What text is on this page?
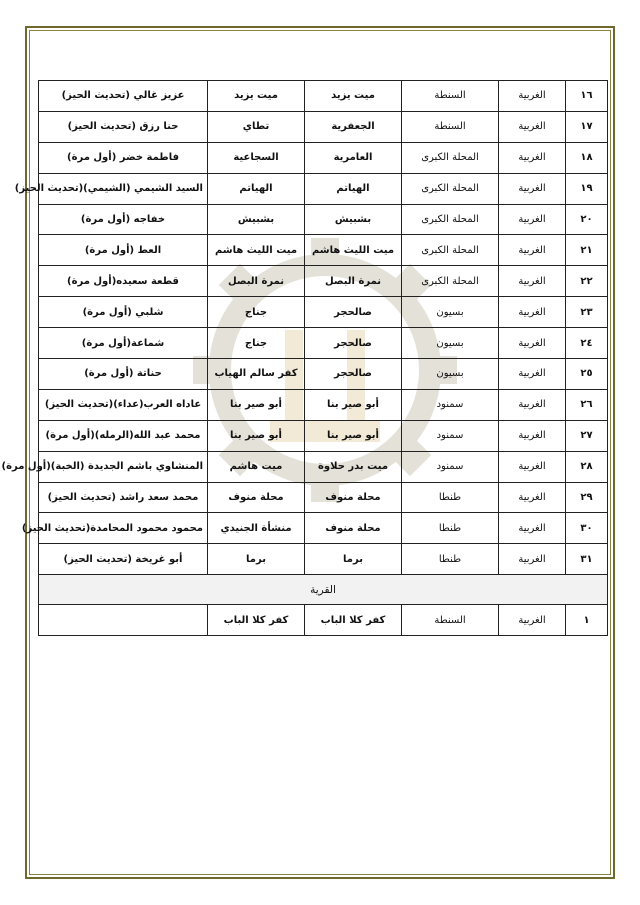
١٦	الغربية	السنطة	ميت يزيد	ميت يزيد	عزيز غالي (تحديث الحيز)
١٧	الغربية	السنطة	الجعفرية	تطاي	حنا رزق (تحديث الحيز)
١٨	الغربية	المحلة الكبرى	العامرية	السجاعية	فاطمة خضر (أول مرة)
١٩	الغربية	المحلة الكبرى	الهياتم	الهياتم	السيد الشيمي (الشيمي)(تحديث الحيز)
٢٠	الغربية	المحلة الكبرى	بشبيش	بشبيش	خفاجه (أول مرة)
٢١	الغربية	المحلة الكبرى	ميت الليث هاشم	ميت الليث هاشم	العط (أول مرة)
٢٢	الغربية	المحلة الكبرى	نمرة البصل	نمرة البصل	قطعة سعيده(أول مرة)
٢٣	الغربية	بسيون	صالحجر	جناج	شلبي (أول مرة)
٢٤	الغربية	بسيون	صالحجر	جناج	شماعة(أول مرة)
٢٥	الغربية	بسيون	صالحجر	كفر سالم الهياب	حناتة (أول مرة)
٢٦	الغربية	سمنود	أبو صير بنا	أبو صير بنا	عاداه العرب(عداء)(تحديث الحيز)
٢٧	الغربية	سمنود	أبو صير بنا	أبو صير بنا	محمد عبد الله(الرمله)(أول مرة)
٢٨	الغربية	سمنود	ميت بدر حلاوة	ميت هاشم	المنشاوي باشم الجديدة (الخبة)(أول مرة)
٢٩	الغربية	طنطا	محلة منوف	محلة منوف	محمد سعد راشد (تحديث الحيز)
٣٠	الغربية	طنطا	محلة منوف	منشأة الجنيدي	محمود محمود المحامدة(تحديث الحيز)
٣١	الغربية	طنطا	برما	برما	أبو غريخة (تحديث الحيز)
القرية					
١	الغربية	السنطة	كفر كلا الباب	كفر كلا الباب	
